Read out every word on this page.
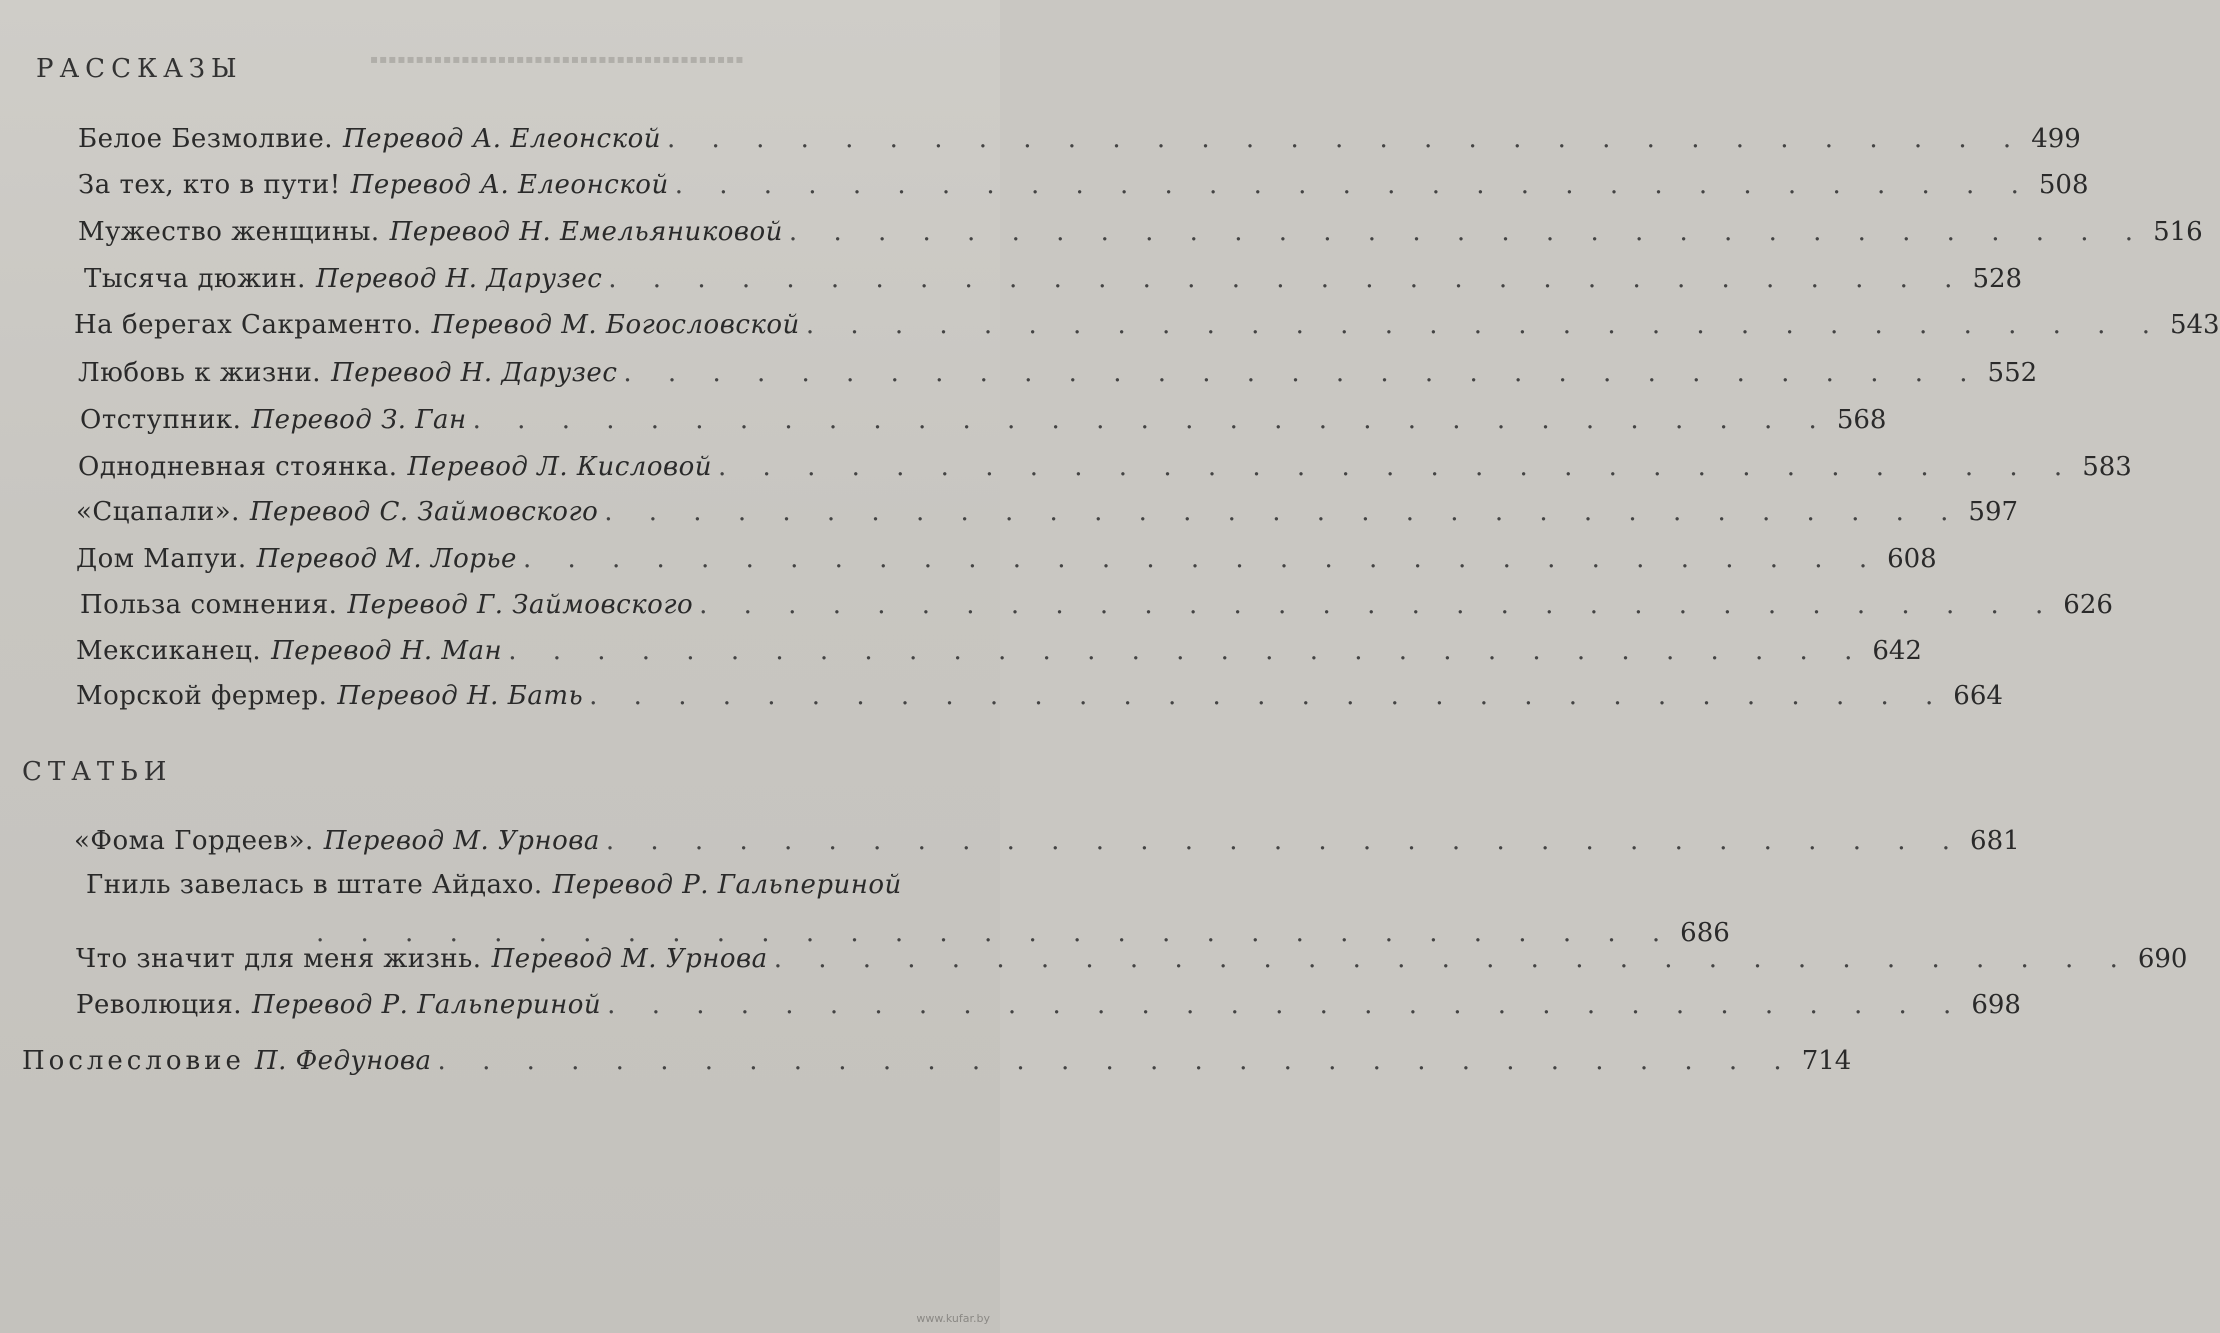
▪▪▪▪▪▪▪▪▪▪▪▪▪▪▪▪▪▪▪▪▪▪▪▪▪▪▪▪▪▪▪▪▪▪▪▪▪▪▪▪▪
РАССКАЗЫ
Белое Безмолвие. Перевод А. Елеонской . . . . . . . . . . . . . . . . . . . . . . . . . . . . . . . 499
За тех, кто в пути! Перевод А. Елеонской . . . . . . . . . . . . . . . . . . . . . . . . . . . . . . . 508
Мужество женщины. Перевод Н. Емельяниковой . . . . . . . . . . . . . . . . . . . . . . . . . . . . . . . 516
Тысяча дюжин. Перевод Н. Дарузес . . . . . . . . . . . . . . . . . . . . . . . . . . . . . . . 528
На берегах Сакраменто. Перевод М. Богословской . . . . . . . . . . . . . . . . . . . . . . . . . . . . . . . 543
Любовь к жизни. Перевод Н. Дарузес . . . . . . . . . . . . . . . . . . . . . . . . . . . . . . . 552
Отступник. Перевод З. Ган . . . . . . . . . . . . . . . . . . . . . . . . . . . . . . . 568
Однодневная стоянка. Перевод Л. Кисловой . . . . . . . . . . . . . . . . . . . . . . . . . . . . . . . 583
«Сцапали». Перевод С. Займовского . . . . . . . . . . . . . . . . . . . . . . . . . . . . . . . 597
Дом Мапуи. Перевод М. Лорье . . . . . . . . . . . . . . . . . . . . . . . . . . . . . . . 608
Польза сомнения. Перевод Г. Займовского . . . . . . . . . . . . . . . . . . . . . . . . . . . . . . . 626
Мексиканец. Перевод Н. Ман . . . . . . . . . . . . . . . . . . . . . . . . . . . . . . . 642
Морской фермер. Перевод Н. Бать . . . . . . . . . . . . . . . . . . . . . . . . . . . . . . . 664
СТАТЬИ
«Фома Гордеев». Перевод М. Урнова . . . . . . . . . . . . . . . . . . . . . . . . . . . . . . . 681
Гниль завелась в штате Айдахо. Перевод Р. Гальпериной
. . . . . . . . . . . . . . . . . . . . . . . . . . . . . . . 686
Что значит для меня жизнь. Перевод М. Урнова . . . . . . . . . . . . . . . . . . . . . . . . . . . . . . . 690
Революция. Перевод Р. Гальпериной . . . . . . . . . . . . . . . . . . . . . . . . . . . . . . . 698
Послесловие П. Федунова . . . . . . . . . . . . . . . . . . . . . . . . . . . . . . . 714
www.kufar.by
